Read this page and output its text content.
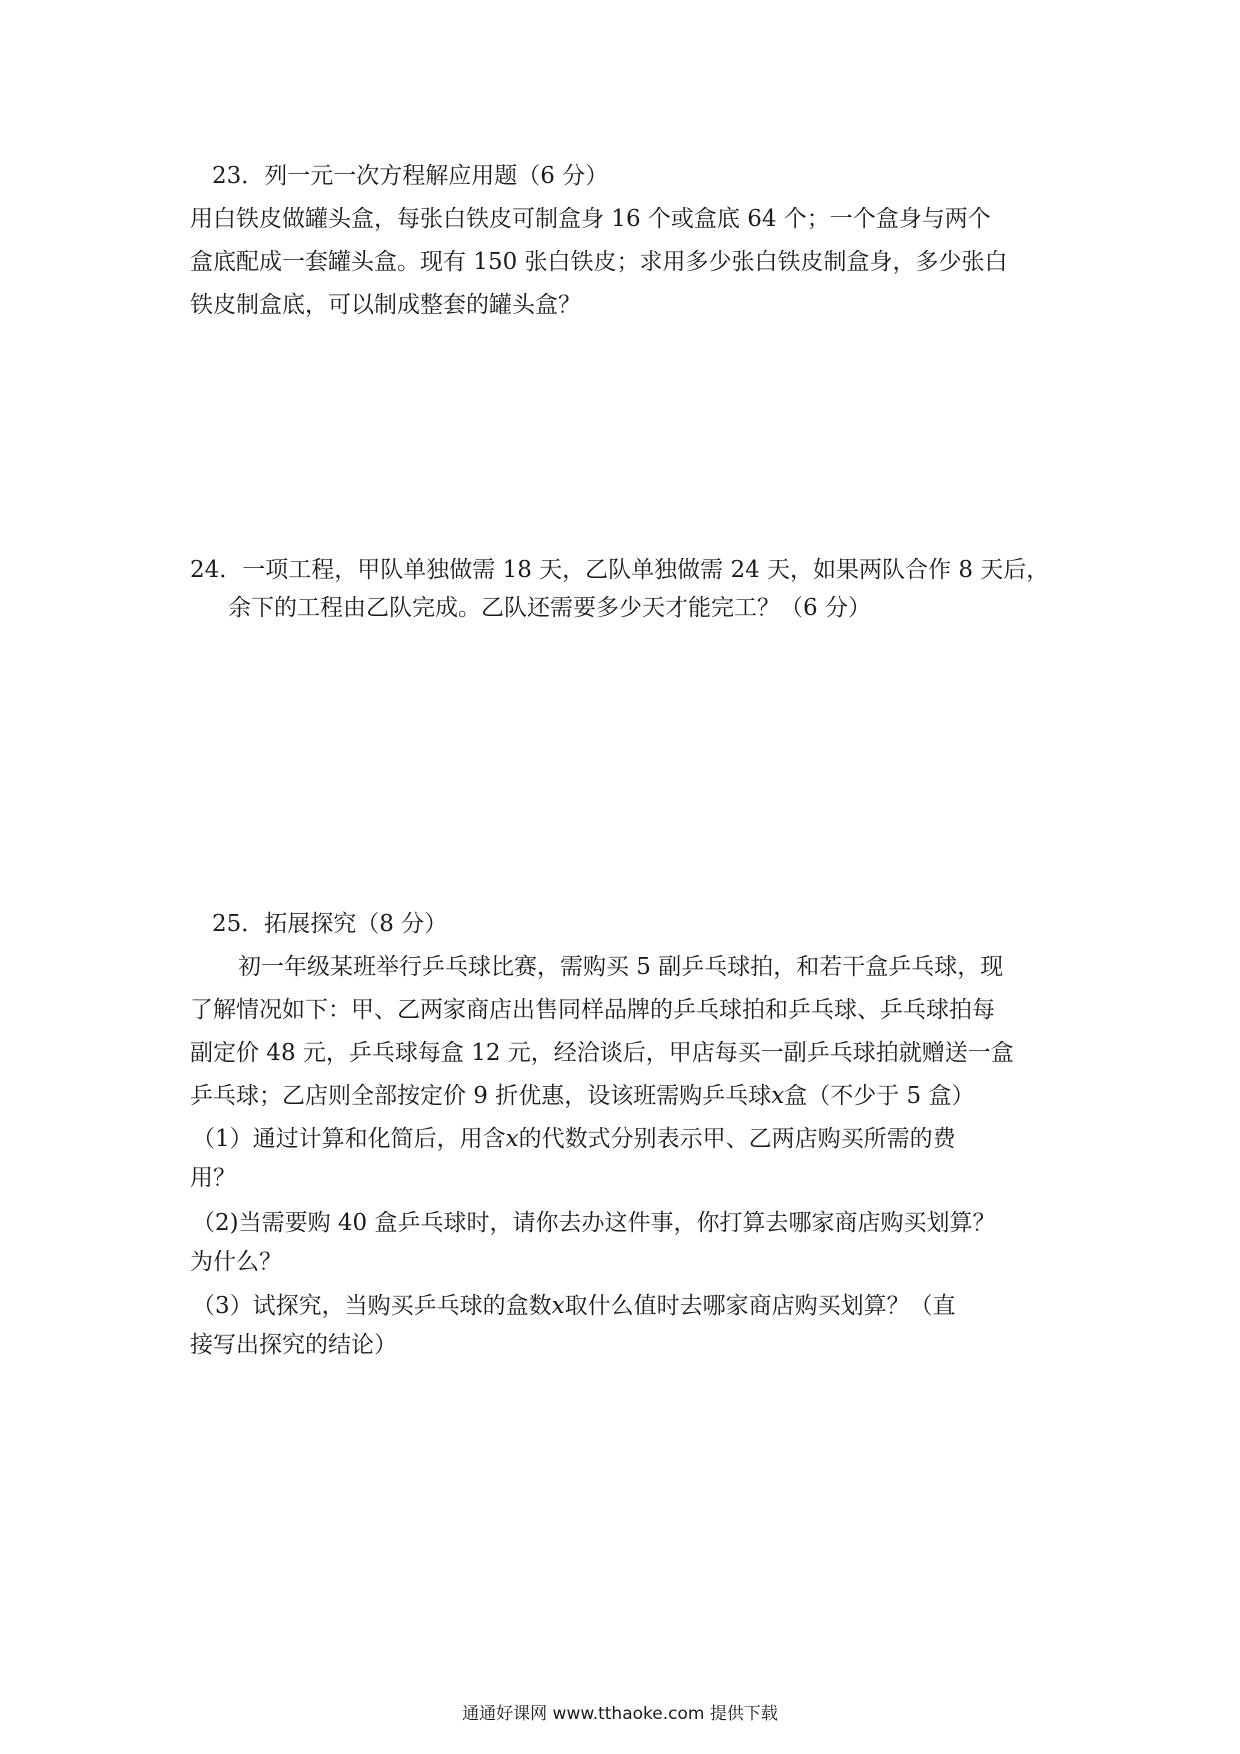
23．列一元一次方程解应用题（6 分）
用白铁皮做罐头盒，每张白铁皮可制盒身 16 个或盒底 64 个；一个盒身与两个
盒底配成一套罐头盒。现有 150 张白铁皮；求用多少张白铁皮制盒身，多少张白
铁皮制盒底，可以制成整套的罐头盒？
24．一项工程，甲队单独做需 18 天，乙队单独做需 24 天，如果两队合作 8 天后，
余下的工程由乙队完成。乙队还需要多少天才能完工？（6 分）
25．拓展探究（8 分）
初一年级某班举行乒乓球比赛，需购买 5 副乒乓球拍，和若干盒乒乓球，现
了解情况如下：甲、乙两家商店出售同样品牌的乒乓球拍和乒乓球、乒乓球拍每
副定价 48 元，乒乓球每盒 12 元，经洽谈后，甲店每买一副乒乓球拍就赠送一盒
乒乓球；乙店则全部按定价 9 折优惠，设该班需购乒乓球x盒（不少于 5 盒）
（1）通过计算和化简后，用含x的代数式分别表示甲、乙两店购买所需的费
用？
（2)当需要购 40 盒乒乓球时，请你去办这件事，你打算去哪家商店购买划算？
为什么？
（3）试探究，当购买乒乓球的盒数x取什么值时去哪家商店购买划算？（直
接写出探究的结论）
通通好课网 www.tthaoke.com 提供下载
